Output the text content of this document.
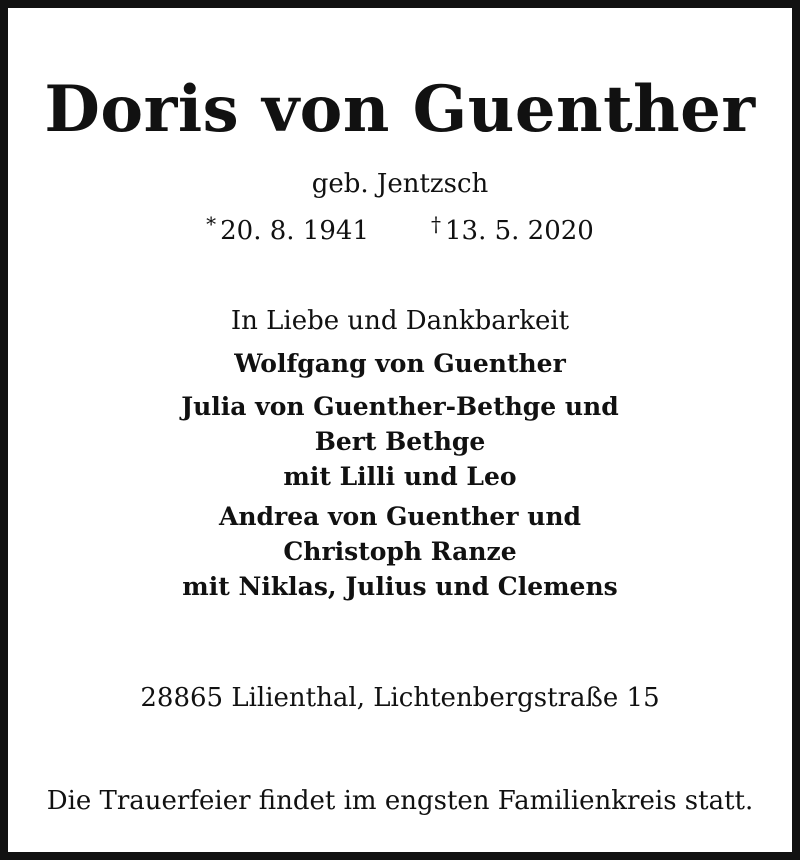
Doris von Guenther
geb. Jentzsch
* 20. 8. 1941	† 13. 5. 2020
In Liebe und Dankbarkeit
Wolfgang von Guenther
Julia von Guenther-Bethge und
Bert Bethge
mit Lilli und Leo
Andrea von Guenther und
Christoph Ranze
mit Niklas, Julius und Clemens
28865 Lilienthal, Lichtenbergstraße 15
Die Trauerfeier findet im engsten Familienkreis statt.
